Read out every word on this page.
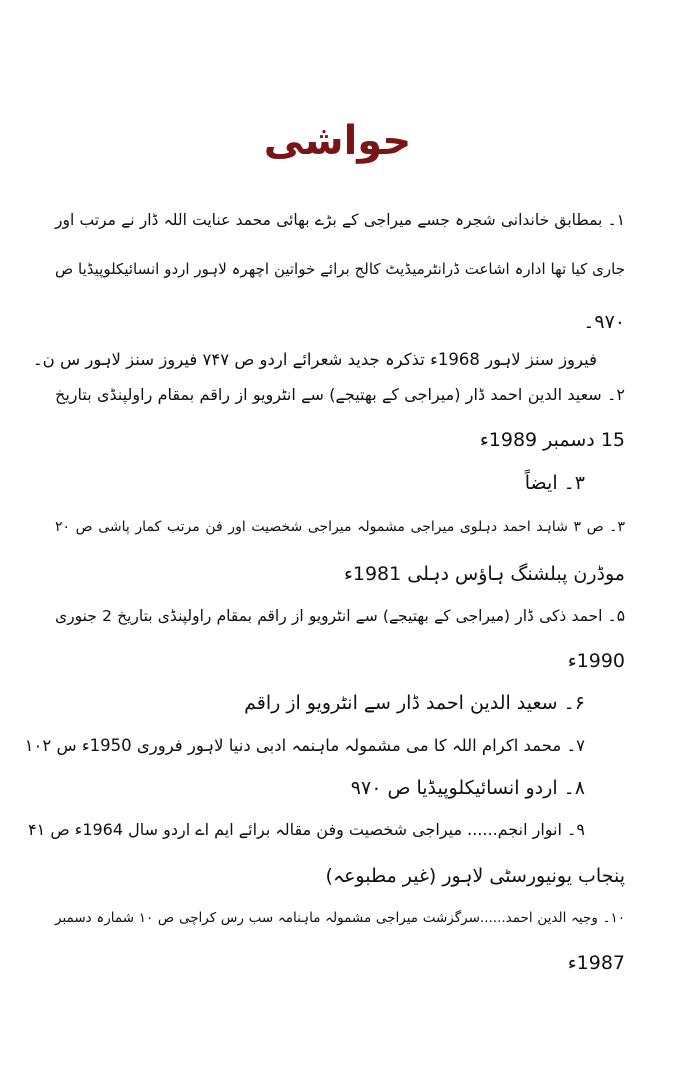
حواشی
۱۔ بمطابق خاندانی شجرہ جسے میراجی کے بڑے بھائی محمد عنایت اللہ ڈار نے مرتب اور
جاری کیا تھا ادارہ اشاعت ڈرانٹرمیڈیٹ کالج برائے خواتین اچھرہ لاہور اردو انسائیکلوپیڈیا ص
۹۷۰۔
فیروز سنز لاہور 1968ء تذکرہ جدید شعرائے اردو ص ۷۴۷ فیروز سنز لاہور س ن۔
۲۔ سعید الدین احمد ڈار (میراجی کے بھتیجے) سے انٹرویو از راقم بمقام راولپنڈی بتاریخ
15 دسمبر 1989ء
۳۔ ایضاً
۳۔ ص ۳ شاہد احمد دہلوی میراجی مشمولہ میراجی شخصیت اور فن مرتب کمار پاشی ص ۲۰
موڈرن پبلشنگ ہاؤس دہلی 1981ء
۵۔ احمد ذکی ڈار (میراجی کے بھتیجے) سے انٹرویو از راقم بمقام راولپنڈی بتاریخ 2 جنوری
1990ء
۶۔ سعید الدین احمد ڈار سے انٹرویو از راقم
۷۔ محمد اکرام اللہ کا می مشمولہ ماہنمہ ادبی دنیا لاہور فروری 1950ء س ۱۰۲
۸۔ اردو انسائیکلوپیڈیا ص ۹۷۰
۹۔ انوار انجم...... میراجی شخصیت وفن مقالہ برائے ایم اے اردو سال 1964ء ص ۴۱
پنجاب یونیورسٹی لاہور (غیر مطبوعہ)
۱۰۔ وجیہ الدین احمد......سرگزشت میراجی مشمولہ ماہنامہ سب رس کراچی ص ۱۰ شمارہ دسمبر
1987ء
